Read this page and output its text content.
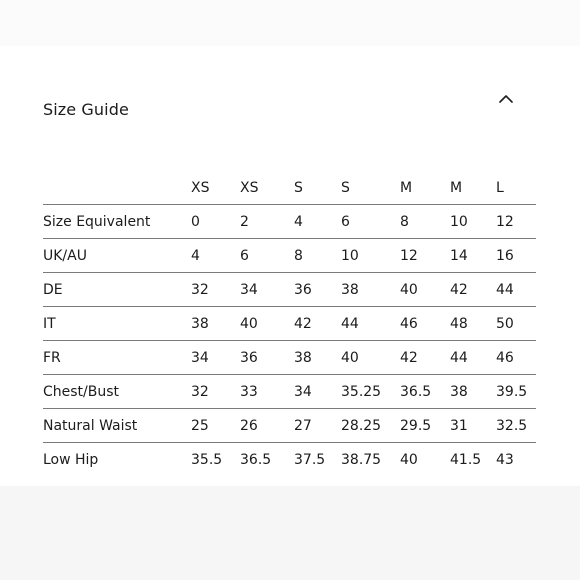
Size Guide
	XS	XS	S	S	M	M	L
Size Equivalent	0	2	4	6	8	10	12
UK/AU	4	6	8	10	12	14	16
DE	32	34	36	38	40	42	44
IT	38	40	42	44	46	48	50
FR	34	36	38	40	42	44	46
Chest/Bust	32	33	34	35.25	36.5	38	39.5
Natural Waist	25	26	27	28.25	29.5	31	32.5
Low Hip	35.5	36.5	37.5	38.75	40	41.5	43
